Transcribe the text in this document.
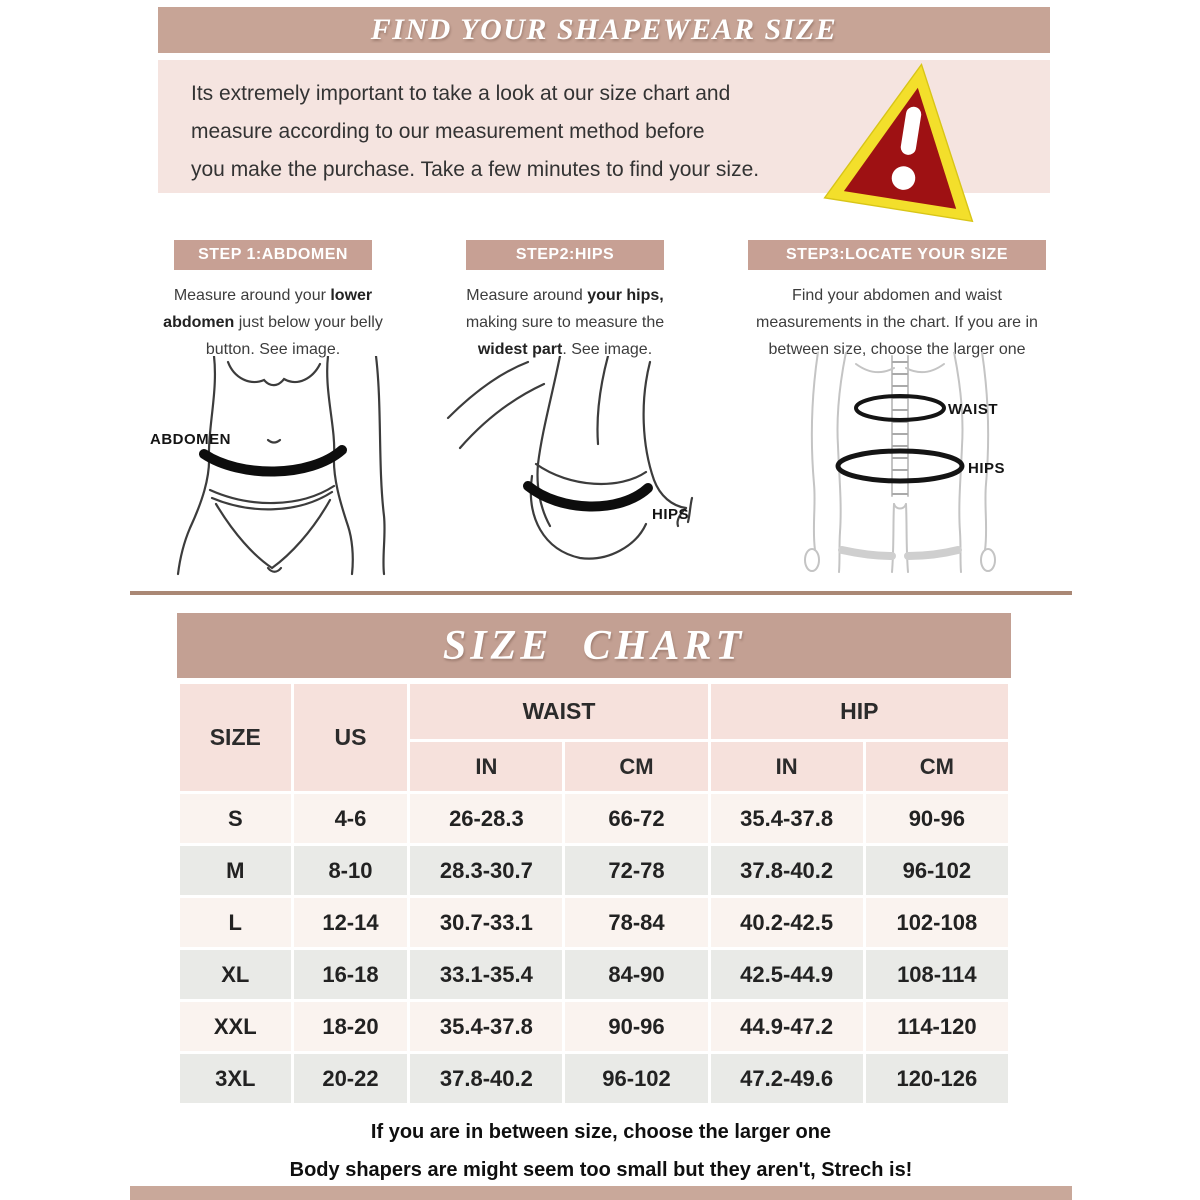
FIND YOUR SHAPEWEAR SIZE
Its extremely important to take a look at our size chart and
measure according to our measurement method before
you make the purchase. Take a few minutes to find your size.
STEP 1:ABDOMEN
Measure around your lower abdomen just below your belly button. See image.
STEP2:HIPS
Measure around your hips, making sure to measure the widest part. See image.
STEP3:LOCATE YOUR SIZE
Find your abdomen and waist measurements in the chart. If you are in between size, choose the larger one
ABDOMEN
HIPS
WAIST
HIPS
SIZE CHART
SIZE	US	WAIST		HIP	
		IN	CM	IN	CM
S	4-6	26-28.3	66-72	35.4-37.8	90-96
M	8-10	28.3-30.7	72-78	37.8-40.2	96-102
L	12-14	30.7-33.1	78-84	40.2-42.5	102-108
XL	16-18	33.1-35.4	84-90	42.5-44.9	108-114
XXL	18-20	35.4-37.8	90-96	44.9-47.2	114-120
3XL	20-22	37.8-40.2	96-102	47.2-49.6	120-126
If you are in between size, choose the larger one
Body shapers are might seem too small but they aren't, Strech is!
